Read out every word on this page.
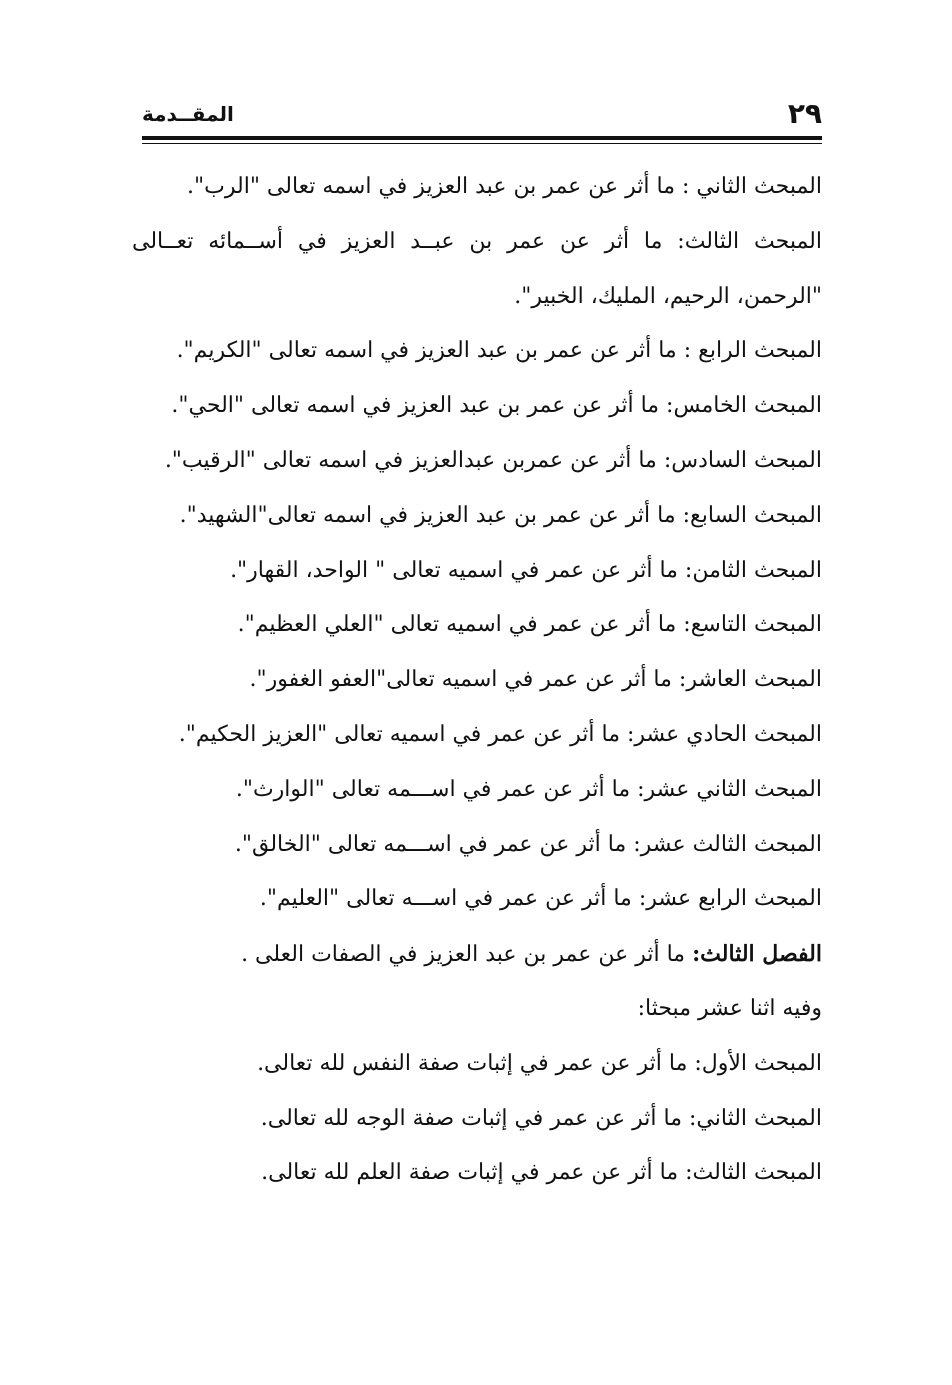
٢٩
المقــدمة
المبحث الثاني : ما أثر عن عمر بن عبد العزيز في اسمه تعالى "الرب".
المبحث الثالث: ما أثر عن عمر بن عبــد العزيز في أســمائه تعــالى
"الرحمن، الرحيم، المليك، الخبير".
المبحث الرابع : ما أثر عن عمر بن عبد العزيز في اسمه تعالى "الكريم".
المبحث الخامس: ما أثر عن عمر بن عبد العزيز في اسمه تعالى "الحي".
المبحث السادس: ما أثر عن عمربن عبدالعزيز في اسمه تعالى "الرقيب".
المبحث السابع: ما أثر عن عمر بن عبد العزيز في اسمه تعالى"الشهيد".
المبحث الثامن: ما أثر عن عمر في اسميه تعالى " الواحد، القهار".
المبحث التاسع: ما أثر عن عمر في اسميه تعالى "العلي العظيم".
المبحث العاشر: ما أثر عن عمر في اسميه تعالى"العفو الغفور".
المبحث الحادي عشر: ما أثر عن عمر في اسميه تعالى "العزيز الحكيم".
المبحث الثاني عشر: ما أثر عن عمر في اســـمه تعالى "الوارث".
المبحث الثالث عشر: ما أثر عن عمر في اســـمه تعالى "الخالق".
المبحث الرابع عشر: ما أثر عن عمر في اســـه تعالى "العليم".
الفصل الثالث: ما أثر عن عمر بن عبد العزيز في الصفات العلى .
وفيه اثنا عشر مبحثا:
المبحث الأول: ما أثر عن عمر في إثبات صفة النفس لله تعالى.
المبحث الثاني: ما أثر عن عمر في إثبات صفة الوجه لله تعالى.
المبحث الثالث: ما أثر عن عمر في إثبات صفة العلم لله تعالى.
